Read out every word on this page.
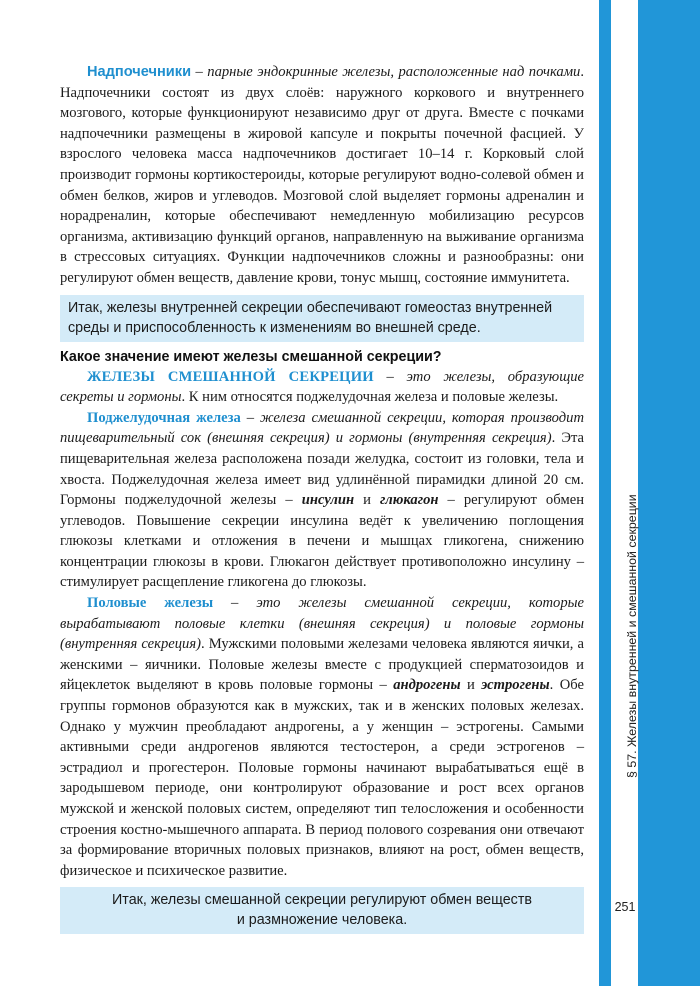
Надпочечники – парные эндокринные железы, расположенные над почками. Надпочечники состоят из двух слоёв: наружного коркового и внутреннего мозгового, которые функционируют независимо друг от друга. Вместе с почками надпочечники размещены в жировой капсуле и покрыты почечной фасцией. У взрослого человека масса надпочечников достигает 10–14 г. Корковый слой производит гормоны кортикостероиды, которые регулируют водно-солевой обмен и обмен белков, жиров и углеводов. Мозговой слой выделяет гормоны адреналин и норадреналин, которые обеспечивают немедленную мобилизацию ресурсов организма, активизацию функций органов, направленную на выживание организма в стрессовых ситуациях. Функции надпочечников сложны и разнообразны: они регулируют обмен веществ, давление крови, тонус мышц, состояние иммунитета.

Итак, железы внутренней секреции обеспечивают гомеостаз внутренней среды и приспособленность к изменениям во внешней среде.
Какое значение имеют железы смешанной секреции?

ЖЕЛЕЗЫ СМЕШАННОЙ СЕКРЕЦИИ – это железы, образующие секреты и гормоны. К ним относятся поджелудочная железа и половые железы.

Поджелудочная железа – железа смешанной секреции, которая производит пищеварительный сок (внешняя секреция) и гормоны (внутренняя секреция). Эта пищеварительная железа расположена позади желудка, состоит из головки, тела и хвоста. Поджелудочная железа имеет вид удлинённой пирамидки длиной 20 см. Гормоны поджелудочной железы – инсулин и глюкагон – регулируют обмен углеводов. Повышение секреции инсулина ведёт к увеличению поглощения глюкозы клетками и отложения в печени и мышцах гликогена, снижению концентрации глюкозы в крови. Глюкагон действует противоположно инсулину – стимулирует расщепление гликогена до глюкозы.

Половые железы – это железы смешанной секреции, которые вырабатывают половые клетки (внешняя секреция) и половые гормоны (внутренняя секреция). Мужскими половыми железами человека являются яички, а женскими – яичники. Половые железы вместе с продукцией сперматозоидов и яйцеклеток выделяют в кровь половые гормоны – андрогены и эстрогены. Обе группы гормонов образуются как в мужских, так и в женских половых железах. Однако у мужчин преобладают андрогены, а у женщин – эстрогены. Самыми активными среди андрогенов являются тестостерон, а среди эстрогенов – эстрадиол и прогестерон. Половые гормоны начинают вырабатываться ещё в зародышевом периоде, они контролируют образование и рост всех органов мужской и женской половых систем, определяют тип телосложения и особенности строения костно-мышечного аппарата. В период полового созревания они отвечают за формирование вторичных половых признаков, влияют на рост, обмен веществ, физическое и психическое развитие.

Итак, железы смешанной секреции регулируют обмен веществ
и размножение человека.
§ 57. Железы внутренней и смешанной секреции
251
